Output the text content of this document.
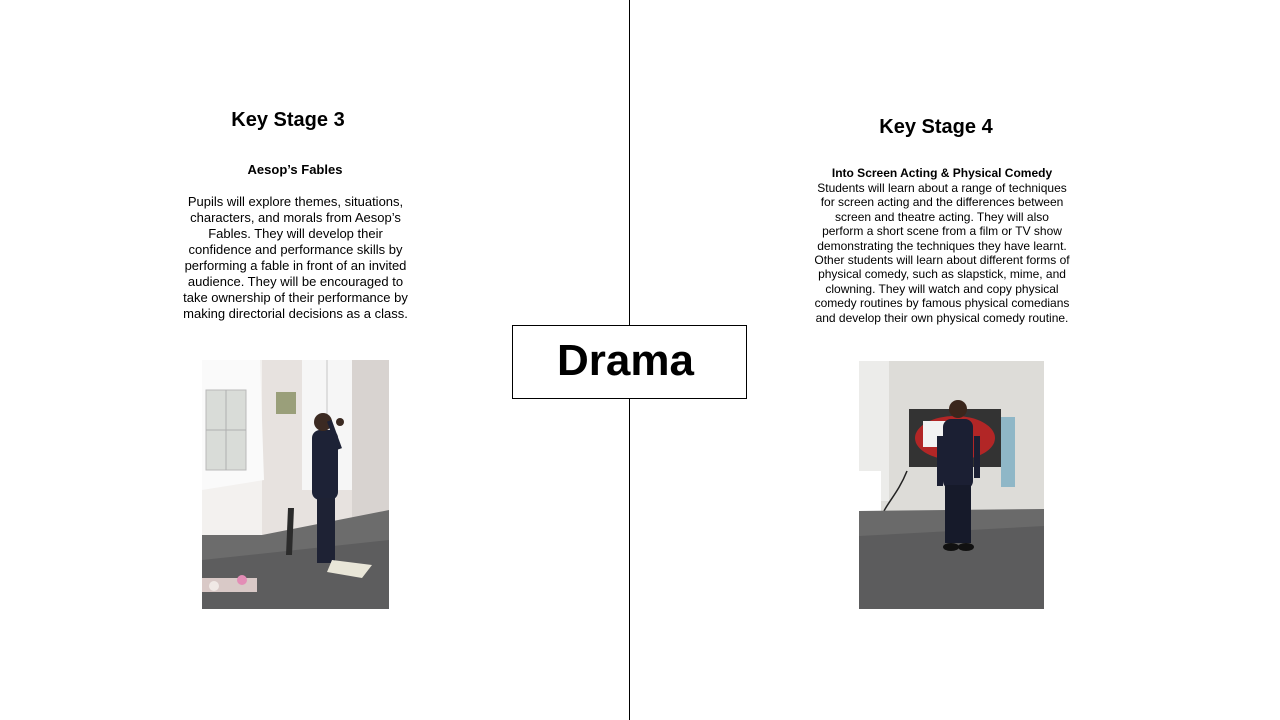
Key Stage 3

Aesop’s Fables

Pupils will explore themes, situations, characters, and morals from Aesop’s Fables. They will develop their confidence and performance skills by performing a fable in front of an invited audience. They will be encouraged to take ownership of their performance by making directorial decisions as a class.

Key Stage 4

Into Screen Acting & Physical Comedy

Students will learn about a range of techniques for screen acting and the differences between screen and theatre acting. They will also perform a short scene from a film or TV show demonstrating the techniques they have learnt. Other students will learn about different forms of physical comedy, such as slapstick, mime, and clowning. They will watch and copy physical comedy routines by famous physical comedians and develop their own physical comedy routine.

Drama
